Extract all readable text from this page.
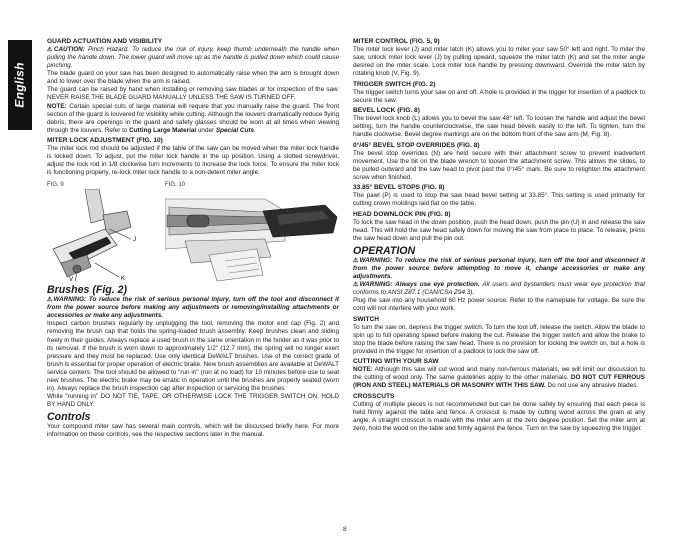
English
GUARD ACTUATION AND VISIBILITY

⚠CAUTION: Pinch Hazard. To reduce the risk of injury, keep thumb underneath the handle when pulling the handle down. The lower guard will move up as the handle is pulled down which could cause pinching.

The blade guard on your saw has been designed to automatically raise when the arm is brought down and to lower over the blade when the arm is raised.

The guard can be raised by hand when installing or removing saw blades or for inspection of the saw. NEVER RAISE THE BLADE GUARD MANUALLY UNLESS THE SAW IS TURNED OFF.

NOTE: Certain special cuts of large material will require that you manually raise the guard. The front section of the guard is louvered for visibility while cutting. Although the louvers dramatically reduce flying debris, there are openings in the guard and safety glasses should be worn at all times when viewing through the louvers. Refer to Cutting Large Material under Special Cuts.

MITER LOCK ADJUSTMENT (FIG. 10)

The miter lock rod should be adjusted if the table of the saw can be moved when the miter lock handle is locked down. To adjust, put the miter lock handle in the up position. Using a slotted screwdriver, adjust the lock rod in 1/8 clockwise turn increments to increase the lock force. To ensure the miter lock is functioning properly, re-lock miter lock handle to a non-detent miter angle.

FIG. 9
J
K
V
FIG. 10
Brushes (Fig. 2)

⚠WARNING: To reduce the risk of serious personal injury, turn off the tool and disconnect it from the power source before making any adjustments or removing/installing attachments or accessories or make any adjustments.

Inspect carbon brushes regularly by unplugging the tool, removing the motor end cap (Fig. 2) and removing the brush cap that holds the spring-loaded brush assembly. Keep brushes clean and sliding freely in their guides. Always replace a used brush in the same orientation in the holder as it was prior to its removal. If the brush is worn down to approximately 1/2" (12.7 mm), the spring will no longer exert pressure and they must be replaced. Use only identical DeWALT brushes. Use of the correct grade of brush is essential for proper operation of electric brake. New brush assemblies are available at DeWALT service centers. The tool should be allowed to "run in" (run at no load) for 10 minutes before use to seat new brushes. The electric brake may be erratic in operation until the brushes are properly seated (worn in). Always replace the brush inspection cap after inspection or servicing the brushes.

While "running in" DO NOT TIE, TAPE, OR OTHERWISE LOCK THE TRIGGER SWITCH ON. HOLD BY HAND ONLY.

Controls

Your compound miter saw has several main controls, which will be discussed briefly here. For more information on these controls, see the respective sections later in the manual.

MITER CONTROL (FIG. 5, 9)

The miter lock lever (J) and miter latch (K) allows you to miter your saw 50° left and right. To miter the saw, unlock miter lock lever (J) by pulling upward, squeeze the miter latch (K) and set the miter angle desired on the miter scale. Lock miter lock handle by pressing downward. Override the miter latch by rotating knob (V, Fig. 9).

TRIGGER SWITCH (FIG. 2)

The trigger switch turns your saw on and off. A hole is provided in the trigger for insertion of a padlock to secure the saw.

BEVEL LOCK (FIG. 8)

The bevel lock knob (L) allows you to bevel the saw 48° left. To loosen the handle and adjust the bevel setting, turn the handle counterclockwise, the saw head bevels easily to the left. To tighten, turn the handle clockwise. Bevel degree markings are on the bottom front of the saw arm (M, Fig. 8).

0°/45° BEVEL STOP OVERRIDES (FIG. 8)

The bevel stop overrides (N) are held secure with their attachment screw to prevent inadvertent movement. Use the bit on the blade wrench to loosen the attachment screw. This allows the slides, to be pulled outward and the saw head to pivot past the 0°/45° mark. Be sure to retighten the attachment screw when finished.

33.85° BEVEL STOPS (FIG. 8)

The pawl (P) is used to stop the saw head bevel setting at 33.85°. This setting is used primarily for cutting crown moldings laid flat on the table.

HEAD DOWNLOCK PIN (FIG. 8)

To lock the saw head in the down position, push the head down, push the pin (U) in and release the saw head. This will hold the saw head safely down for moving the saw from place to place. To release, press the saw head down and pull the pin out.

OPERATION

⚠WARNING: To reduce the risk of serious personal injury, turn off the tool and disconnect it from the power source before attempting to move it, change accessories or make any adjustments.

⚠WARNING: Always use eye protection. All users and bystanders must wear eye protection that conforms to ANSI Z87.1 (CAN/CSA Z94.3).

Plug the saw into any household 60 Hz power source. Refer to the nameplate for voltage. Be sure the cord will not interfere with your work.

SWITCH

To turn the saw on, depress the trigger switch. To turn the tool off, release the switch. Allow the blade to spin up to full operating speed before making the cut. Release the trigger switch and allow the brake to stop the blade before raising the saw head. There is no provision for locking the switch on, but a hole is provided in the trigger for insertion of a padlock to lock the saw off.

CUTTING WITH YOUR SAW

NOTE: Although this saw will cut wood and many non-ferrous materials, we will limit our discussion to the cutting of wood only. The same guidelines apply to the other materials. DO NOT CUT FERROUS (IRON AND STEEL) MATERIALS OR MASONRY WITH THIS SAW. Do not use any abrasive blades.

CROSSCUTS

Cutting of multiple pieces is not recommended but can be done safely by ensuring that each piece is held firmly against the table and fence. A crosscut is made by cutting wood across the grain at any angle. A straight crosscut is made with the miter arm at the zero degree position. Set the miter arm at zero, hold the wood on the table and firmly against the fence. Turn on the saw by squeezing the trigger.

8
